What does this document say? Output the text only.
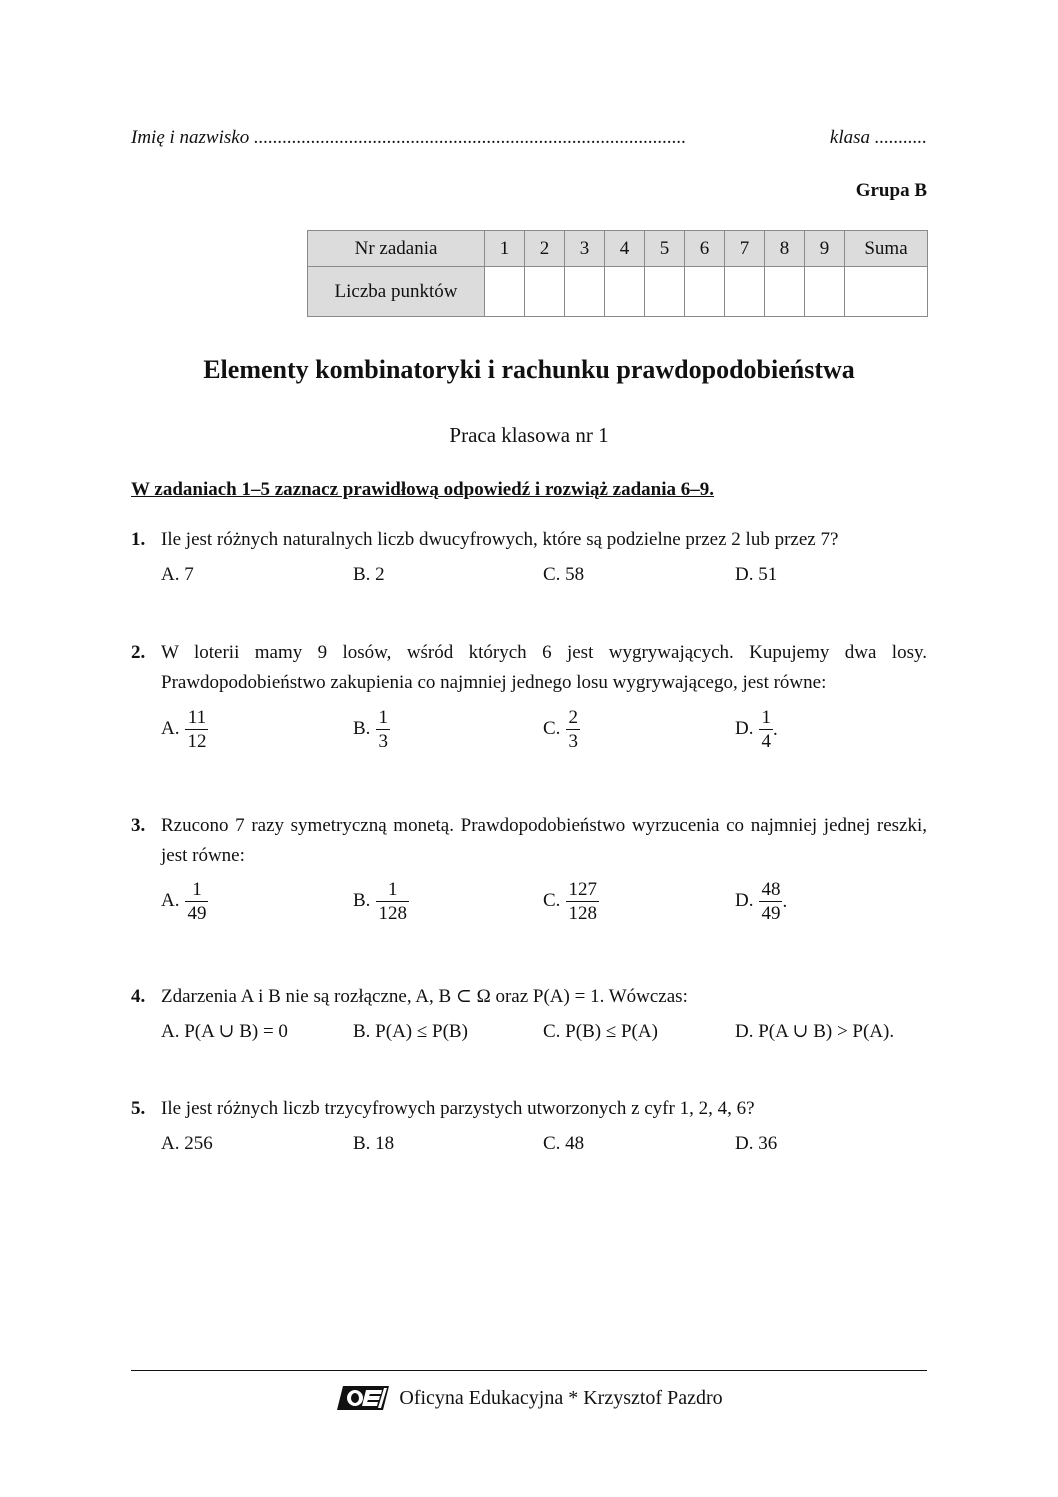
Imię i nazwisko ...........................................................................................	klasa ...........
Grupa B
Nr zadania	1	2	3	4	5	6	7	8	9	Suma
Liczba punktów										
Elementy kombinatoryki i rachunku prawdopodobieństwa
Praca klasowa nr 1
W zadaniach 1–5 zaznacz prawidłową odpowiedź i rozwiąż zadania 6–9.
1. Ile jest różnych naturalnych liczb dwucyfrowych, które są podzielne przez 2 lub przez 7?
A. 7	B. 2	C. 58	D. 51
2. W loterii mamy 9 losów, wśród których 6 jest wygrywających. Kupujemy dwa losy. Prawdopodobieństwo zakupienia co najmniej jednego losu wygrywającego, jest równe:
A. $\frac{11}{12}$	B. $\frac{1}{3}$	C. $\frac{2}{3}$	D. $\frac{1}{4}$ .
3. Rzucono 7 razy symetryczną monetą. Prawdopodobieństwo wyrzucenia co najmniej jednej reszki, jest równe:
A. $\frac{1}{49}$	B. $\frac{1}{128}$	C. $\frac{127}{128}$	D. $\frac{48}{49}$ .
4. Zdarzenia A i B nie są rozłączne, A, B ⊂ Ω oraz P(A) = 1. Wówczas:
A. P(A ∪ B) = 0	B. P(A) ≤ P(B)	C. P(B) ≤ P(A)	D. P(A ∪ B) > P(A).
5. Ile jest różnych liczb trzycyfrowych parzystych utworzonych z cyfr 1, 2, 4, 6?
A. 256	B. 18	C. 48	D. 36
Oficyna Edukacyjna * Krzysztof Pazdro
